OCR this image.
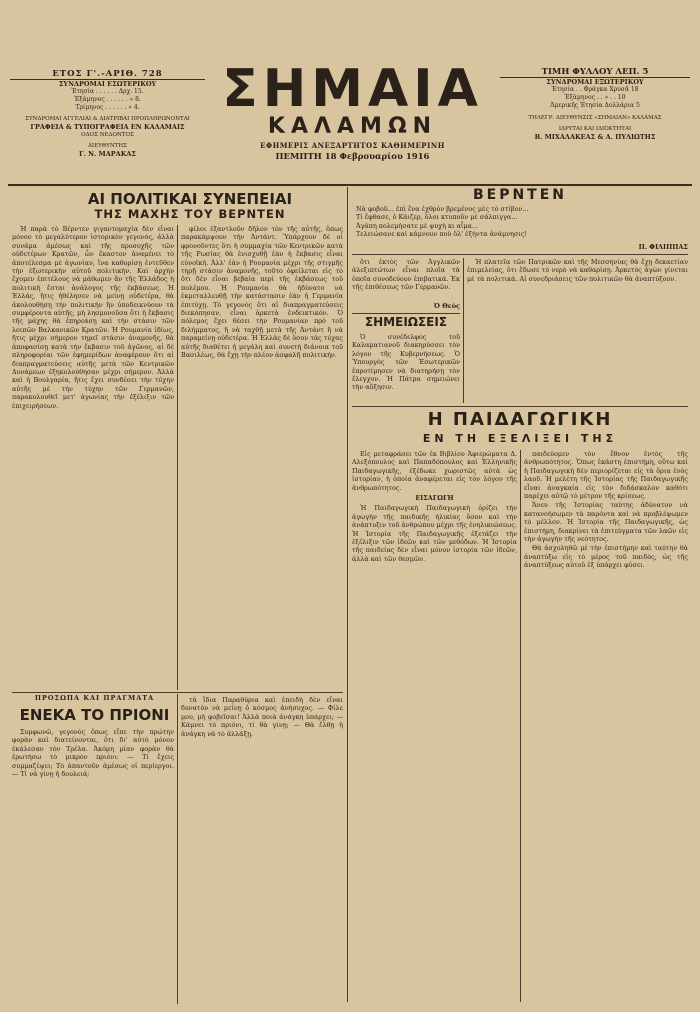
ΕΤΟΣ Γ'.-ΑΡΙΘ. 728
ΣΥΝΔΡΟΜΑΙ ΕΣΩΤΕΡΙΚΟΥ
Ἐτησία . . . . . . Δρχ. 15.
Ἑξάμηνος . . . . . . » 8.
Τρίμηνος . . . . . . » 4.
ΣΥΝΔΡΟΜΑΙ ΑΓΓΕΛΙΑΙ & ΔΙΑΤΡΙΒΑΙ ΠΡΟΠΛΗΡΩΝΟΝΤΑΙ
ΓΡΑΦΕΙΑ & ΤΥΠΟΓΡΑΦΕΙΑ ΕΝ ΚΑΛΑΜΑΙΣ
ΟΔΟΣ ΝΕΔΟΝΤΟΣ
ΔΙΕΥΘΥΝΤΗΣ
Γ. Ν. ΜΑΡΑΚΑΣ
ΣΗΜΑΙΑ
ΚΑΛΑΜΩΝ
ΕΦΗΜΕΡΙΣ ΑΝΕΞΑΡΤΗΤΟΣ ΚΑΘΗΜΕΡΙΝΗ
ΠΕΜΠΤΗ 18 Φεβρουαρίου 1916
ΤΙΜΗ ΦΥΛΛΟΥ ΛΕΠ. 5
ΣΥΝΔΡΟΜΑΙ ΕΞΩΤΕΡΙΚΟΥ
Ἐτησία . . Φράγκα Χρυσᾶ 18
Ἑξάμηνος . . » . . 10
Ἀμερικῆς Ἐτησία Δολλάρια 5
ΤΗΛΕΓΡ. ΔΙΕΥΘΥΝΣΙΣ «ΣΗΜΑΙΑΝ» ΚΑΛΑΜΑΣ
ΙΔΡΥΤΑΙ ΚΑΙ ΙΔΙΟΚΤΗΤΑΙ
Β. ΜΙΧΑΛΑΚΕΑΣ & Α. ΠΥΛΙΩΤΗΣ
ΑΙ ΠΟΛΙΤΙΚΑΙ ΣΥΝΕΠΕΙΑΙ
ΤΗΣ ΜΑΧΗΣ ΤΟΥ ΒΕΡΝΤΕΝ

Ἡ παρὰ τὸ Βέρντεν γιγαντομαχία δὲν εἶναι μόνον τὸ μεγαλύτερον ἱστορικὸν γεγονός, ἀλλὰ συνάμα ἀμέσως καὶ τῆς προσοχῆς τῶν οὐδετέρων Κρατῶν, ὧν ἕκαστον ἀναμένει τὸ ἀποτέλεσμα μὲ ἀγωνίαν, ἵνα καθορίσῃ ἐντεῦθεν τὴν ἐξωτερικὴν αὐτοῦ πολιτικήν. Καὶ ἀρχὴν ἔχομεν ἐπιτέλους νὰ μάθωμεν ἂν τῆς Ἑλλάδος ἡ πολιτικὴ ἔσται ἀνάλογος τῆς ἐκβάσεως. Ἡ Ἑλλάς, ἥτις ἠθέλησεν νὰ μείνῃ οὐδετέρα, θὰ ἀκολουθήσῃ τὴν πολιτικὴν ἣν ὑποδεικνύουν τὰ συμφέροντα αὐτῆς, μὴ λησμονοῦσα ὅτι ἡ ἔκβασις τῆς μάχης θὰ ἐπηρεάσῃ καὶ τὴν στάσιν τῶν λοιπῶν Βαλκανικῶν Κρατῶν. Ἡ Ρουμανία ἰδίως, ἥτις μέχρι σήμερον τηρεῖ στάσιν ἀναμονῆς, θὰ ἀποφασίσῃ κατὰ τὴν ἔκβασιν τοῦ ἀγῶνος, αἱ δὲ πληροφορίαι τῶν ἐφημερίδων ἀναφέρουν ὅτι αἱ διαπραγματεύσεις αὐτῆς μετὰ τῶν Κεντρικῶν Δυνάμεων ἐξηκολούθησαν μέχρι σήμερον. Ἀλλὰ καὶ ἡ Βουλγαρία, ἥτις ἔχει συνδέσει τὴν τύχην αὐτῆς μὲ τὴν τύχην τῶν Γερμανῶν, παρακολουθεῖ μετ' ἀγωνίας τὴν ἐξέλιξιν τῶν ἐπιχειρήσεων.

φίλοι ἐξαντλοῦν δῆλον τὸν τῆς αὐτῆς, ὅπως παρακάμψουν τὴν Ἀντάντ. Ὑπάρχουν δὲ οἱ φρονοῦντες ὅτι ἡ συμμαχία τῶν Κεντρικῶν κατὰ τῆς Ρωσίας θὰ ἐνισχυθῇ ἐὰν ἡ ἔκβασις εἶναι εὐνοϊκή. Ἀλλ' ἐὰν ἡ Ρουμανία μέχρι τῆς στιγμῆς τηρῇ στάσιν ἀναμονῆς, τοῦτο ὀφείλεται εἰς τὸ ὅτι δὲν εἶναι βεβαία περὶ τῆς ἐκβάσεως τοῦ πολέμου. Ἡ Ρουμανία θὰ ἠδύνατο νὰ ἐκμεταλλευθῇ τὴν κατάστασιν ἐὰν ἡ Γερμανία ἐπιτύχῃ. Τὸ γεγονὸς ὅτι αἱ διαπραγματεύσεις διεκόπησαν, εἶναι ἀρκετὰ ἐνδεικτικόν. Ὁ πόλεμος ἔχει θέσει τὴν Ρουμανίαν πρὸ τοῦ διλήμματος, ἢ νὰ ταχθῇ μετὰ τῆς Ἀντάντ ἢ νὰ παραμείνῃ οὐδετέρα. Ἡ Ἑλλὰς δὲ ὅσον τὰς τύχας αὐτῆς διαθέτει ἡ μεγάλη καὶ συνετὴ διάνοια τοῦ Βασιλέως, θὰ ἔχῃ τὴν πλέον ἀσφαλῆ πολιτικήν.

ΠΡΟΣΩΠΑ ΚΑΙ ΠΡΑΓΜΑΤΑ
ΕΝΕΚΑ ΤΟ ΠΡΙΟΝΙ

Συμφωνῶ, γεγονὸς ὅπως εἶπε τὴν πρώτην φορὰν καὶ διατείνονται, ὅτι δι' αὐτὸ μόνον ἐκάλεσαν τὸν Τρέλα. Ἀκόμη μίαν φορὰν θὰ ἐρωτήσω τὸ μικρὸν πριόνι: — Τί ἔχεις συμμαζέψει; Τὸ ἀπαντοῦν ἀμέσως οἱ περίεργοι. — Τί νὰ γίνῃ ἡ δουλειά;

τὰ ἴδια Παραθύρια καὶ ἐπειδὴ δὲν εἶναι δυνατὸν νὰ μείνῃ ὁ κόσμος ἀνήσυχος. — Φίλε μου, μὴ φοβεῖσαι! Ἀλλὰ ποιὰ ἀνάγκη ὑπάρχει; — Κάμνει τὸ πριόνι, τί θὰ γίνῃ; — Θὰ ἔλθῃ ἡ ἀνάγκη νὰ τὸ ἀλλάξῃ.

ΒΕΡΝΤΕΝ
Νὰ φοβοῦ... ἐπὶ ἔνα ἐχθρὸν βρεμένος μὲς τὸ στίβον...
Τί ἔφθασε, ὁ Κάιζερ, ὅλοι κτυποῦν μὲ σάλπιγγα...
Ἀγάπη πολεμήσατε μὲ ψυχὴ κι αἷμα...
Τελειώσανε καὶ κάμνουν ποὺ ὅλ' ἐξήντα ἀνάμνησις!
Π. ΦΙΛΙΠΠΑΣ

ὅτι ἐκτὸς τῶν Ἀγγλικῶν ἀλεξιπτώτων εἶναι πλοῖα τὰ ὁποῖα συνοδεύουν ἐπιβατικά. Ἐκ τῆς ἐπιθέσεως τῶν Γερμανῶν.

Ὁ Θεὸς
ΣΗΜΕΙΩΣΕΙΣ

Ὁ συνέδελφος τοῦ Καλαματιανοῦ διακηρύσσει τὸν λόγον τῆς Κυβερνήσεως. Ὁ Ὑπουργὸς τῶν Ἐσωτερικῶν ἐπροτίμησεν νὰ διατηρήσῃ τὸν ἔλεγχον. Ἡ Πάτρα σημειώνει τὴν αὔξησιν.

Ἡ πλατεῖα τῶν Πατρικῶν καὶ τῆς Μεσσηνίας θὰ ἔχῃ δεκαετίαν ἐπιμελείας, ὅτι ἔδωσε τὸ νερὸ νὰ καθαρίσῃ. Ἀρκετὸς ἀγὼν γίνεται μὲ τὰ πολιτικά. Αἱ συνεδριάσεις τῶν πολιτικῶν θὰ ἀναπτύξουν.

Η ΠΑΙΔΑΓΩΓΙΚΗ
ΕΝ ΤΗ ΕΞΕΛΙΞΕΙ ΤΗΣ

Εἰς μεταφράσει τῶν ἐκ Βιβλίου Ἀφιερώματα Δ. Αλεξόπουλος καὶ Παπαδόπουλος καὶ Ἑλληνικῆς Παιδαγωγικῆς, ἐξέδωκε χωριστῶς αὐτὰ ὡς ἱστορίαν, ἡ ὁποία ἀναφέρεται εἰς τὸν λόγον τῆς ἀνθρωπότητος.

ΕΙΣΑΓΩΓΗ

Ἡ Παιδαγωγικὴ Παιδαγωγικὴ ὁρίζει τὴν ἀγωγὴν τῆς παιδικῆς ἡλικίας ὅσον καὶ τὴν ἀνάπτυξιν τοῦ ἀνθρώπου μέχρι τῆς ἐνηλικιώσεως. Ἡ Ἱστορία τῆς Παιδαγωγικῆς ἐξετάζει τὴν ἐξέλιξιν τῶν ἰδεῶν καὶ τῶν μεθόδων. Ἡ Ἱστορία τῆς παιδείας δὲν εἶναι μόνον ἱστορία τῶν ἰδεῶν, ἀλλὰ καὶ τῶν θεσμῶν.

παιδεύομεν τὸν ἔθνον ἐντὸς τῆς ἀνθρωπότητος. Ὅπως ἑκάστη ἐπιστήμη, οὕτω καὶ ἡ Παιδαγωγικὴ δὲν περιορίζεται εἰς τὰ ὅρια ἑνὸς λαοῦ. Ἡ μελέτη τῆς Ἱστορίας τῆς Παιδαγωγικῆς εἶναι ἀναγκαία εἰς τὸν διδάσκαλον καθότι παρέχει αὐτῷ τὸ μέτρον τῆς κρίσεως.

Ἄνευ τῆς Ἱστορίας ταύτης ἀδύνατον νὰ κατανοήσωμεν τὰ παρόντα καὶ νὰ προβλέψωμεν τὸ μέλλον. Ἡ Ἱστορία τῆς Παιδαγωγικῆς, ὡς ἐπιστήμη, διακρίνει τὰ ἐπιτεύγματα τῶν λαῶν εἰς τὴν ἀγωγὴν τῆς νεότητος.

Θὰ ἀσχοληθῶ μὲ τὴν ἐπιστήμην καὶ ταύτην θὰ ἀναπτύξω εἰς τὸ μέρος τοῦ παιδὸς, ὡς τῆς ἀναπτύξεως αὐτοῦ ἐξ ὑπάρχει φύσει.
